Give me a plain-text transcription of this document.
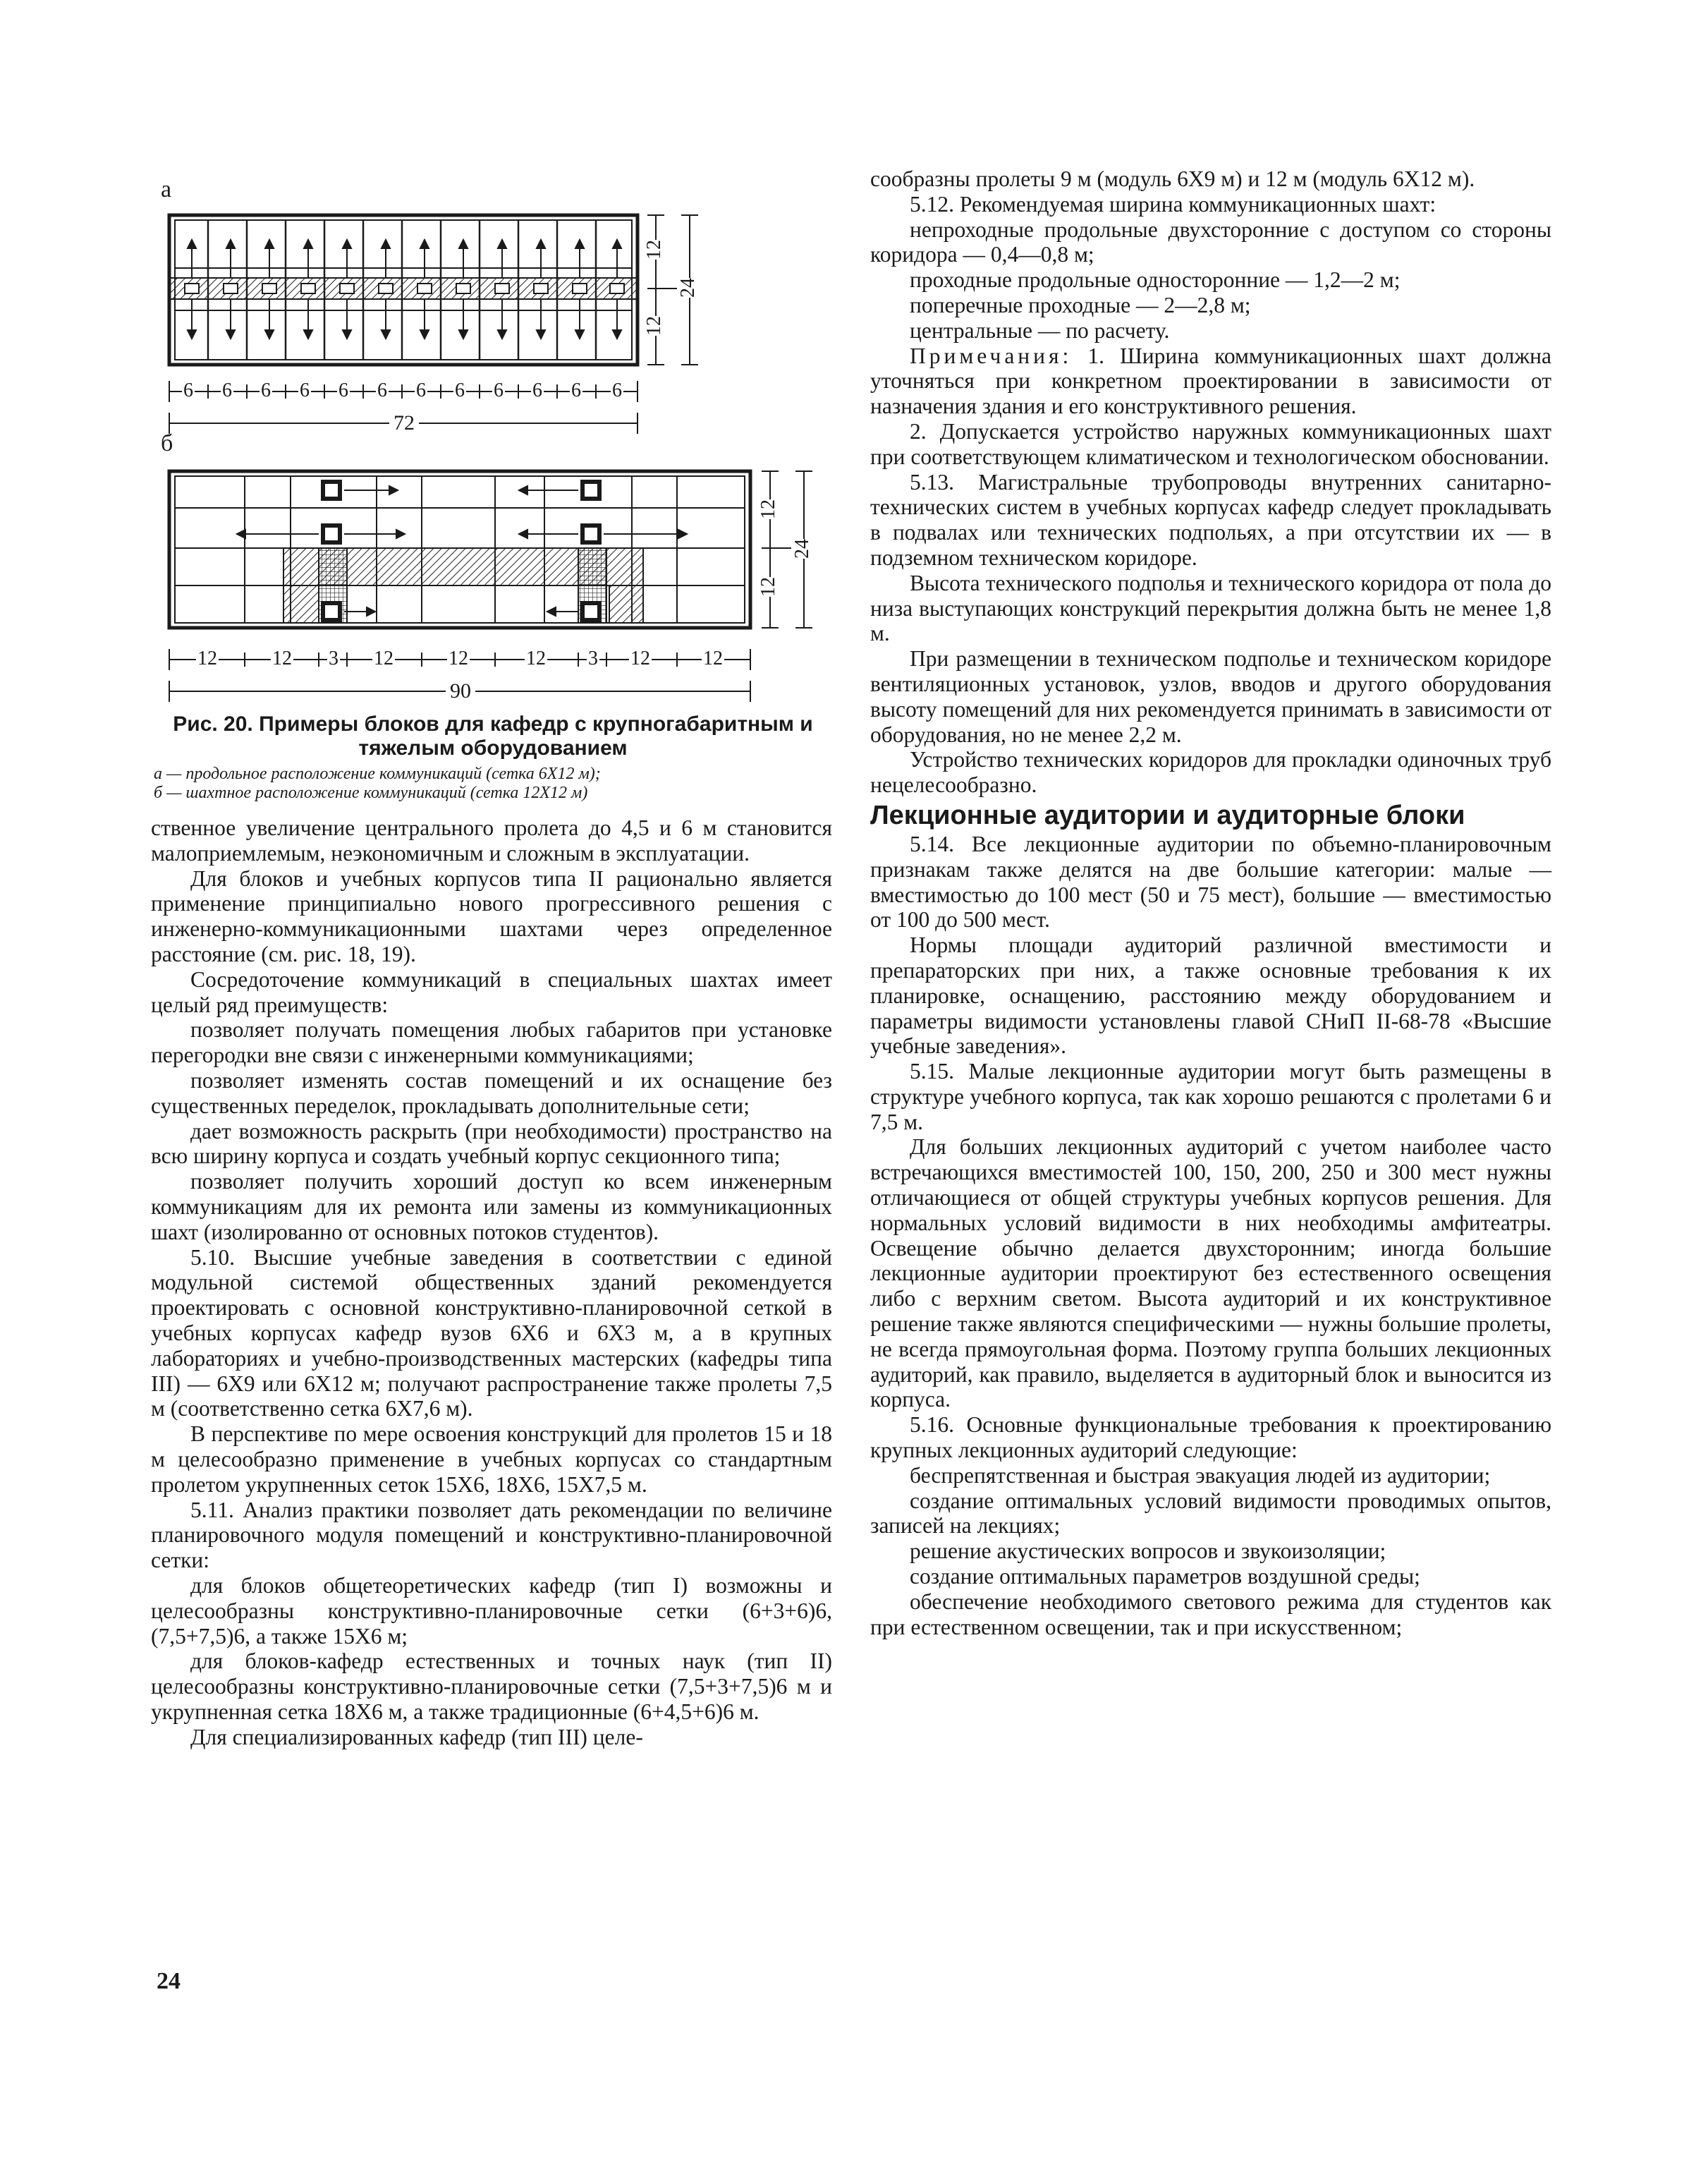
а
б
6 6 6 6 6 6 6 6 6 6 6 6
72
12
12
24
12	12 3 12	12	12 3 12	12
90
12
12
24
Рис. 20. Примеры блоков для кафедр с крупногабаритным и тяжелым оборудованием
а — продольное расположение коммуникаций (сетка 6Х12 м);
б — шахтное расположение коммуникаций (сетка 12Х12 м)

ственное увеличение центрального пролета до 4,5 и 6 м становится малоприемлемым, неэкономичным и сложным в эксплуатации.

Для блоков и учебных корпусов типа II рационально является применение принципиально нового прогрессивного решения с инженерно-коммуникационными шахтами через определенное расстояние (см. рис. 18, 19).

Сосредоточение коммуникаций в специальных шахтах имеет целый ряд преимуществ:

позволяет получать помещения любых габаритов при установке перегородки вне связи с инженерными коммуникациями;

позволяет изменять состав помещений и их оснащение без существенных переделок, прокладывать дополнительные сети;

дает возможность раскрыть (при необходимости) пространство на всю ширину корпуса и создать учебный корпус секционного типа;

позволяет получить хороший доступ ко всем инженерным коммуникациям для их ремонта или замены из коммуникационных шахт (изолированно от основных потоков студентов).

5.10. Высшие учебные заведения в соответствии с единой модульной системой общественных зданий рекомендуется проектировать с основной конструктивно-планировочной сеткой в учебных корпусах кафедр вузов 6Х6 и 6Х3 м, а в крупных лабораториях и учебно-производственных мастерских (кафедры типа III) — 6Х9 или 6Х12 м; получают распространение также пролеты 7,5 м (соответственно сетка 6Х7,6 м).

В перспективе по мере освоения конструкций для пролетов 15 и 18 м целесообразно применение в учебных корпусах со стандартным пролетом укрупненных сеток 15Х6, 18Х6, 15Х7,5 м.

5.11. Анализ практики позволяет дать рекомендации по величине планировочного модуля помещений и конструктивно-планировочной сетки:

для блоков общетеоретических кафедр (тип I) возможны и целесообразны конструктивно-планировочные сетки (6+3+6)6, (7,5+7,5)6, а также 15Х6 м;

для блоков-кафедр естественных и точных наук (тип II) целесообразны конструктивно-планировочные сетки (7,5+3+7,5)6 м и укрупненная сетка 18Х6 м, а также традиционные (6+4,5+6)6 м.

Для специализированных кафедр (тип III) целе-

сообразны пролеты 9 м (модуль 6Х9 м) и 12 м (модуль 6Х12 м).

5.12. Рекомендуемая ширина коммуникационных шахт:

непроходные продольные двухсторонние с доступом со стороны коридора — 0,4—0,8 м;

проходные продольные односторонние — 1,2—2 м;

поперечные проходные — 2—2,8 м;

центральные — по расчету.

Примечания: 1. Ширина коммуникационных шахт должна уточняться при конкретном проектировании в зависимости от назначения здания и его конструктивного решения.

2. Допускается устройство наружных коммуникационных шахт при соответствующем климатическом и технологическом обосновании.

5.13. Магистральные трубопроводы внутренних санитарно-технических систем в учебных корпусах кафедр следует прокладывать в подвалах или технических подпольях, а при отсутствии их — в подземном техническом коридоре.

Высота технического подполья и технического коридора от пола до низа выступающих конструкций перекрытия должна быть не менее 1,8 м.

При размещении в техническом подполье и техническом коридоре вентиляционных установок, узлов, вводов и другого оборудования высоту помещений для них рекомендуется принимать в зависимости от оборудования, но не менее 2,2 м.

Устройство технических коридоров для прокладки одиночных труб нецелесообразно.

Лекционные аудитории и аудиторные блоки

5.14. Все лекционные аудитории по объемно-планировочным признакам также делятся на две большие категории: малые — вместимостью до 100 мест (50 и 75 мест), большие — вместимостью от 100 до 500 мест.

Нормы площади аудиторий различной вместимости и препараторских при них, а также основные требования к их планировке, оснащению, расстоянию между оборудованием и параметры видимости установлены главой СНиП II-68-78 «Высшие учебные заведения».

5.15. Малые лекционные аудитории могут быть размещены в структуре учебного корпуса, так как хорошо решаются с пролетами 6 и 7,5 м.

Для больших лекционных аудиторий с учетом наиболее часто встречающихся вместимостей 100, 150, 200, 250 и 300 мест нужны отличающиеся от общей структуры учебных корпусов решения. Для нормальных условий видимости в них необходимы амфитеатры. Освещение обычно делается двухсторонним; иногда большие лекционные аудитории проектируют без естественного освещения либо с верхним светом. Высота аудиторий и их конструктивное решение также являются специфическими — нужны большие пролеты, не всегда прямоугольная форма. Поэтому группа больших лекционных аудиторий, как правило, выделяется в аудиторный блок и выносится из корпуса.

5.16. Основные функциональные требования к проектированию крупных лекционных аудиторий следующие:

беспрепятственная и быстрая эвакуация людей из аудитории;

создание оптимальных условий видимости проводимых опытов, записей на лекциях;

решение акустических вопросов и звукоизоляции;

создание оптимальных параметров воздушной среды;

обеспечение необходимого светового режима для студентов как при естественном освещении, так и при искусственном;

24
